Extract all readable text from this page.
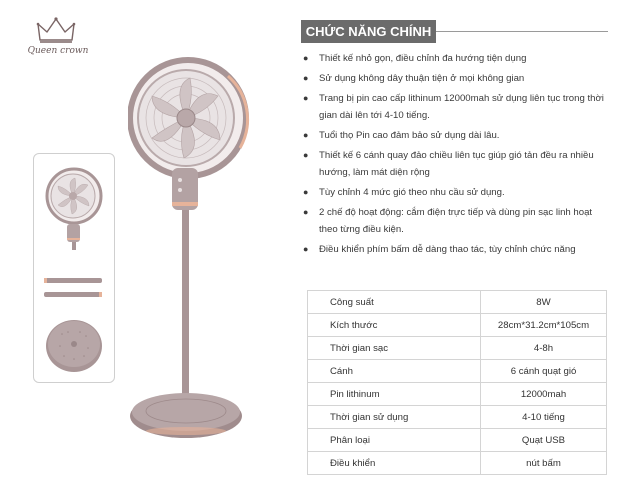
Queen crown
CHỨC NĂNG CHÍNH
● Thiết kế nhỏ gọn, điều chỉnh đa hướng tiện dụng
● Sử dụng không dây thuận tiện ở mọi không gian
● Trang bị pin cao cấp lithinum 12000mah sử dụng liên tục trong thời gian dài lên tới 4-10 tiếng.
● Tuổi thọ Pin cao đảm bảo sử dụng dài lâu.
● Thiết kế 6 cánh quay đảo chiều liên tục giúp gió tản đều ra nhiều hướng, làm mát diện rộng
● Tùy chỉnh 4 mức gió theo nhu cầu sử dụng.
● 2 chế độ hoạt động: cắm điện trực tiếp và dùng pin sạc linh hoạt theo từng điều kiện.
● Điều khiển phím bấm dễ dàng thao tác, tùy chỉnh chức năng
Công suất	8W
Kích thước	28cm*31.2cm*105cm
Thời gian sạc	4-8h
Cánh	6 cánh quạt gió
Pin lithinum	12000mah
Thời gian sử dụng	4-10 tiếng
Phân loại	Quạt USB
Điều khiển	nút bấm
